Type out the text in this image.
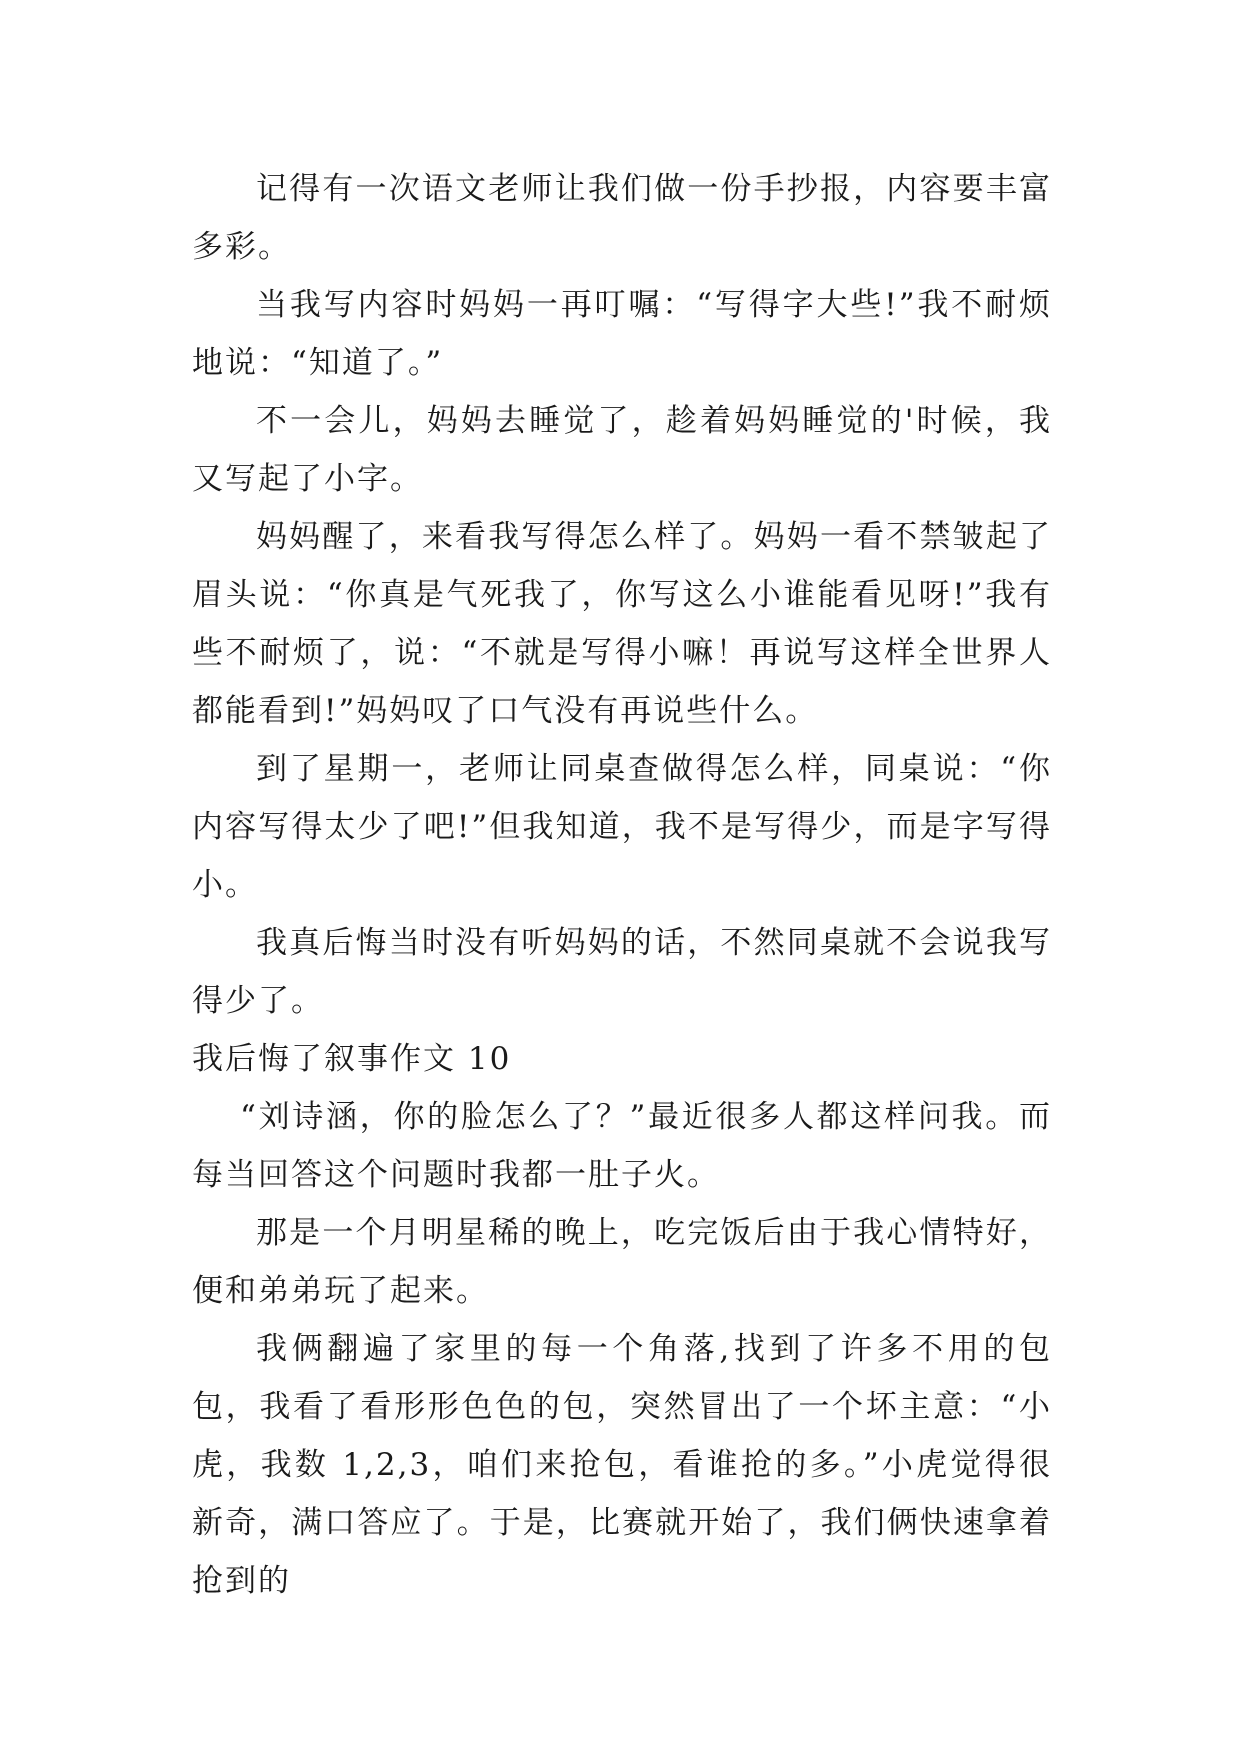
记得有一次语文老师让我们做一份手抄报，内容要丰富多彩。

当我写内容时妈妈一再叮嘱：“写得字大些!”我不耐烦地说：“知道了。”

不一会儿，妈妈去睡觉了，趁着妈妈睡觉的'时候，我又写起了小字。

妈妈醒了，来看我写得怎么样了。妈妈一看不禁皱起了眉头说：“你真是气死我了，你写这么小谁能看见呀!”我有些不耐烦了，说：“不就是写得小嘛！再说写这样全世界人都能看到!”妈妈叹了口气没有再说些什么。

到了星期一，老师让同桌查做得怎么样，同桌说：“你内容写得太少了吧!”但我知道，我不是写得少，而是字写得小。

我真后悔当时没有听妈妈的话，不然同桌就不会说我写得少了。

我后悔了叙事作文 10

“刘诗涵，你的脸怎么了？”最近很多人都这样问我。而每当回答这个问题时我都一肚子火。

那是一个月明星稀的晚上，吃完饭后由于我心情特好，便和弟弟玩了起来。

我俩翻遍了家里的每一个角落,找到了许多不用的包包，我看了看形形色色的包，突然冒出了一个坏主意：“小虎，我数 1,2,3，咱们来抢包，看谁抢的多。”小虎觉得很新奇，满口答应了。于是，比赛就开始了，我们俩快速拿着抢到的
